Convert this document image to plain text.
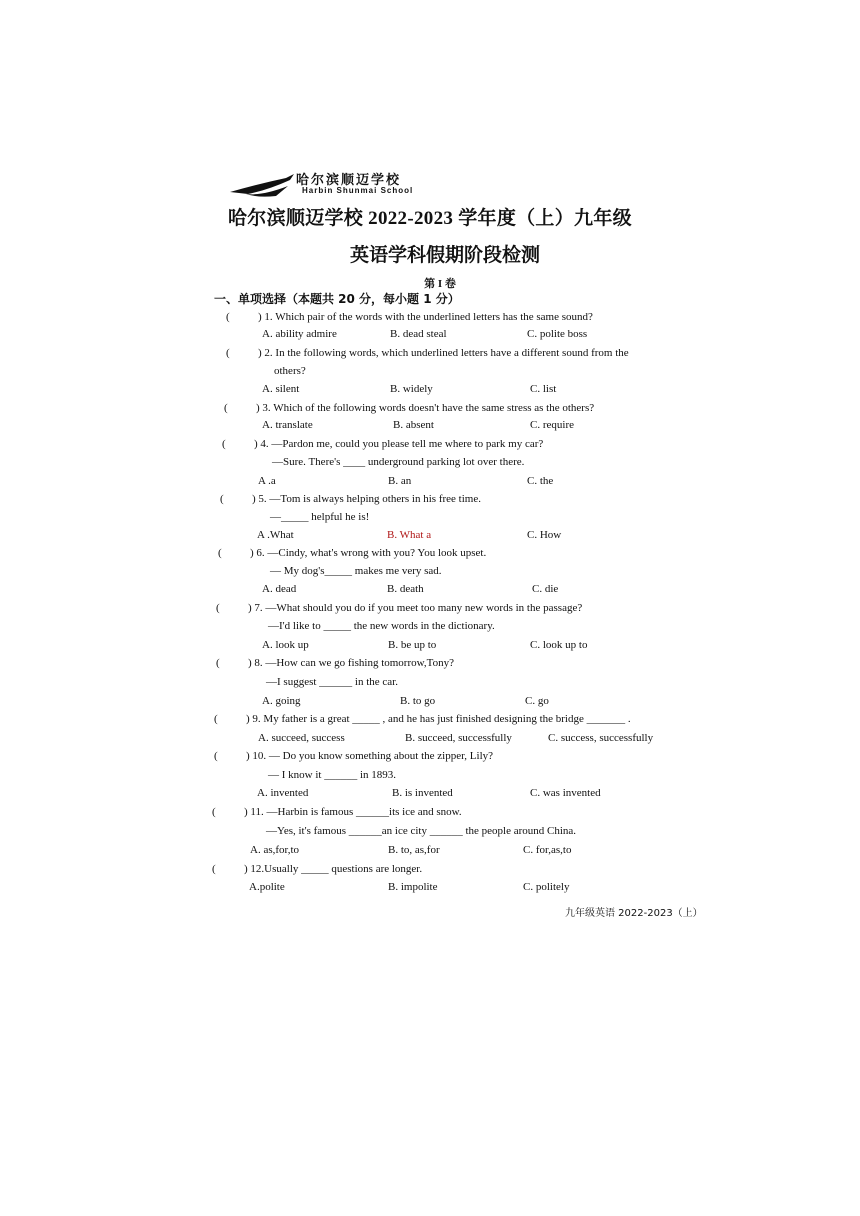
哈尔滨顺迈学校
Harbin Shunmai School
哈尔滨顺迈学校 2022-2023 学年度（上）九年级
英语学科假期阶段检测
第 I 卷
一、单项选择（本题共 20 分，每小题 1 分）
(	) 1. Which pair of the words with the underlined letters has the same sound?
A. ability admire	B. dead steal	C. polite boss
(	) 2. In the following words, which underlined letters have a different sound from the
others?
A. silent	B. widely	C. list
(	) 3. Which of the following words doesn't have the same stress as the others?
A. translate	B. absent	C. require
(	) 4. —Pardon me, could you please tell me where to park my car?
—Sure. There's ____ underground parking lot over there.
A .a	B. an	C. the
(	) 5. —Tom is always helping others in his free time.
—_____ helpful he is!
A .What	B. What a	C. How
(	) 6. —Cindy, what's wrong with you? You look upset.
— My dog's_____ makes me very sad.
A. dead	B. death	C. die
(	) 7. —What should you do if you meet too many new words in the passage?
—I'd like to _____ the new words in the dictionary.
A. look up	B. be up to	C. look up to
(	) 8. —How can we go fishing tomorrow,Tony?
—I suggest ______ in the car.
A. going	B. to go	C. go
(	) 9. My father is a great _____ , and he has just finished designing the bridge _______ .
A. succeed, success	B. succeed, successfully	C. success, successfully
(	) 10. — Do you know something about the zipper, Lily?
— I know it ______ in 1893.
A. invented	B. is invented	C. was invented
(	) 11. —Harbin is famous ______its ice and snow.
—Yes, it's famous ______an ice city ______ the people around China.
A. as,for,to	B. to, as,for	C. for,as,to
(	) 12.Usually _____ questions are longer.
A.polite	B. impolite	C. politely
九年级英语 2022-2023（上）
